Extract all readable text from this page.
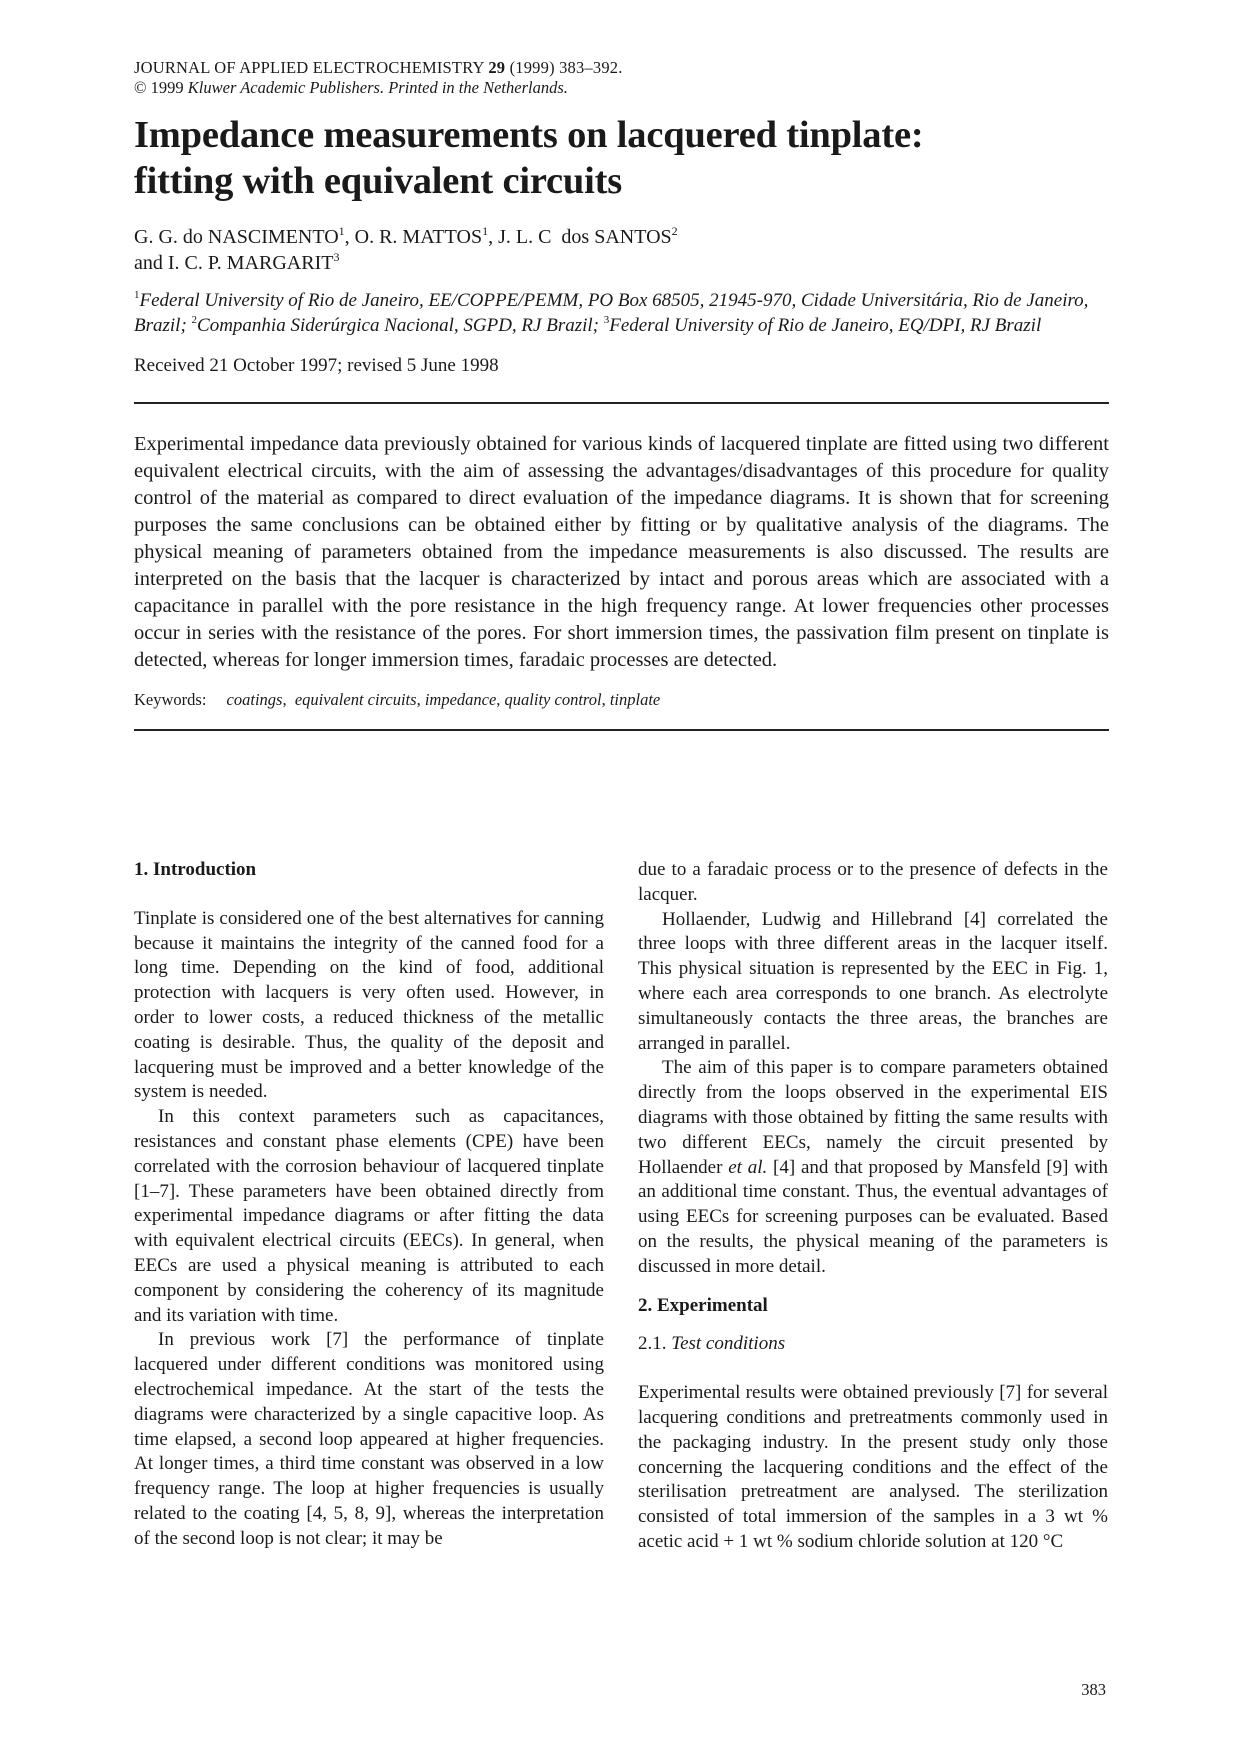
JOURNAL OF APPLIED ELECTROCHEMISTRY 29 (1999) 383–392.
© 1999 Kluwer Academic Publishers. Printed in the Netherlands.
Impedance measurements on lacquered tinplate:
fitting with equivalent circuits
G. G. do NASCIMENTO$^1$, O. R. MATTOS$^1$, J. L. C  dos SANTOS$^2$
and I. C. P. MARGARIT$^3$
$^1$Federal University of Rio de Janeiro, EE/COPPE/PEMM, PO Box 68505, 21945-970, Cidade Universitária, Rio de Janeiro, Brazil; $^2$Companhia Siderúrgica Nacional, SGPD, RJ Brazil; $^3$Federal University of Rio de Janeiro, EQ/DPI, RJ Brazil
Received 21 October 1997; revised 5 June 1998
Experimental impedance data previously obtained for various kinds of lacquered tinplate are fitted using two different equivalent electrical circuits, with the aim of assessing the advantages/disadvantages of this procedure for quality control of the material as compared to direct evaluation of the impedance diagrams. It is shown that for screening purposes the same conclusions can be obtained either by fitting or by qualitative analysis of the diagrams. The physical meaning of parameters obtained from the impedance measurements is also discussed. The results are interpreted on the basis that the lacquer is characterized by intact and porous areas which are associated with a capacitance in parallel with the pore resistance in the high frequency range. At lower frequencies other processes occur in series with the resistance of the pores. For short immersion times, the passivation film present on tinplate is detected, whereas for longer immersion times, faradaic processes are detected.
Keywords: coatings, equivalent circuits, impedance, quality control, tinplate
1. Introduction

Tinplate is considered one of the best alternatives for canning because it maintains the integrity of the canned food for a long time. Depending on the kind of food, additional protection with lacquers is very often used. However, in order to lower costs, a reduced thickness of the metallic coating is desirable. Thus, the quality of the deposit and lacquering must be improved and a better knowledge of the system is needed.

In this context parameters such as capacitances, resistances and constant phase elements (CPE) have been correlated with the corrosion behaviour of lacquered tinplate [1–7]. These parameters have been obtained directly from experimental impedance diagrams or after fitting the data with equivalent electrical circuits (EECs). In general, when EECs are used a physical meaning is attributed to each component by considering the coherency of its magnitude and its variation with time.

In previous work [7] the performance of tinplate lacquered under different conditions was monitored using electrochemical impedance. At the start of the tests the diagrams were characterized by a single capacitive loop. As time elapsed, a second loop appeared at higher frequencies. At longer times, a third time constant was observed in a low frequency range. The loop at higher frequencies is usually related to the coating [4, 5, 8, 9], whereas the interpretation of the second loop is not clear; it may be

due to a faradaic process or to the presence of defects in the lacquer.

Hollaender, Ludwig and Hillebrand [4] correlated the three loops with three different areas in the lacquer itself. This physical situation is represented by the EEC in Fig. 1, where each area corresponds to one branch. As electrolyte simultaneously contacts the three areas, the branches are arranged in parallel.

The aim of this paper is to compare parameters obtained directly from the loops observed in the experimental EIS diagrams with those obtained by fitting the same results with two different EECs, namely the circuit presented by Hollaender et al. [4] and that proposed by Mansfeld [9] with an additional time constant. Thus, the eventual advantages of using EECs for screening purposes can be evaluated. Based on the results, the physical meaning of the parameters is discussed in more detail.

2. Experimental
2.1. Test conditions

Experimental results were obtained previously [7] for several lacquering conditions and pretreatments commonly used in the packaging industry. In the present study only those concerning the lacquering conditions and the effect of the sterilisation pretreatment are analysed. The sterilization consisted of total immersion of the samples in a 3 wt % acetic acid + 1 wt % sodium chloride solution at 120 °C

383
